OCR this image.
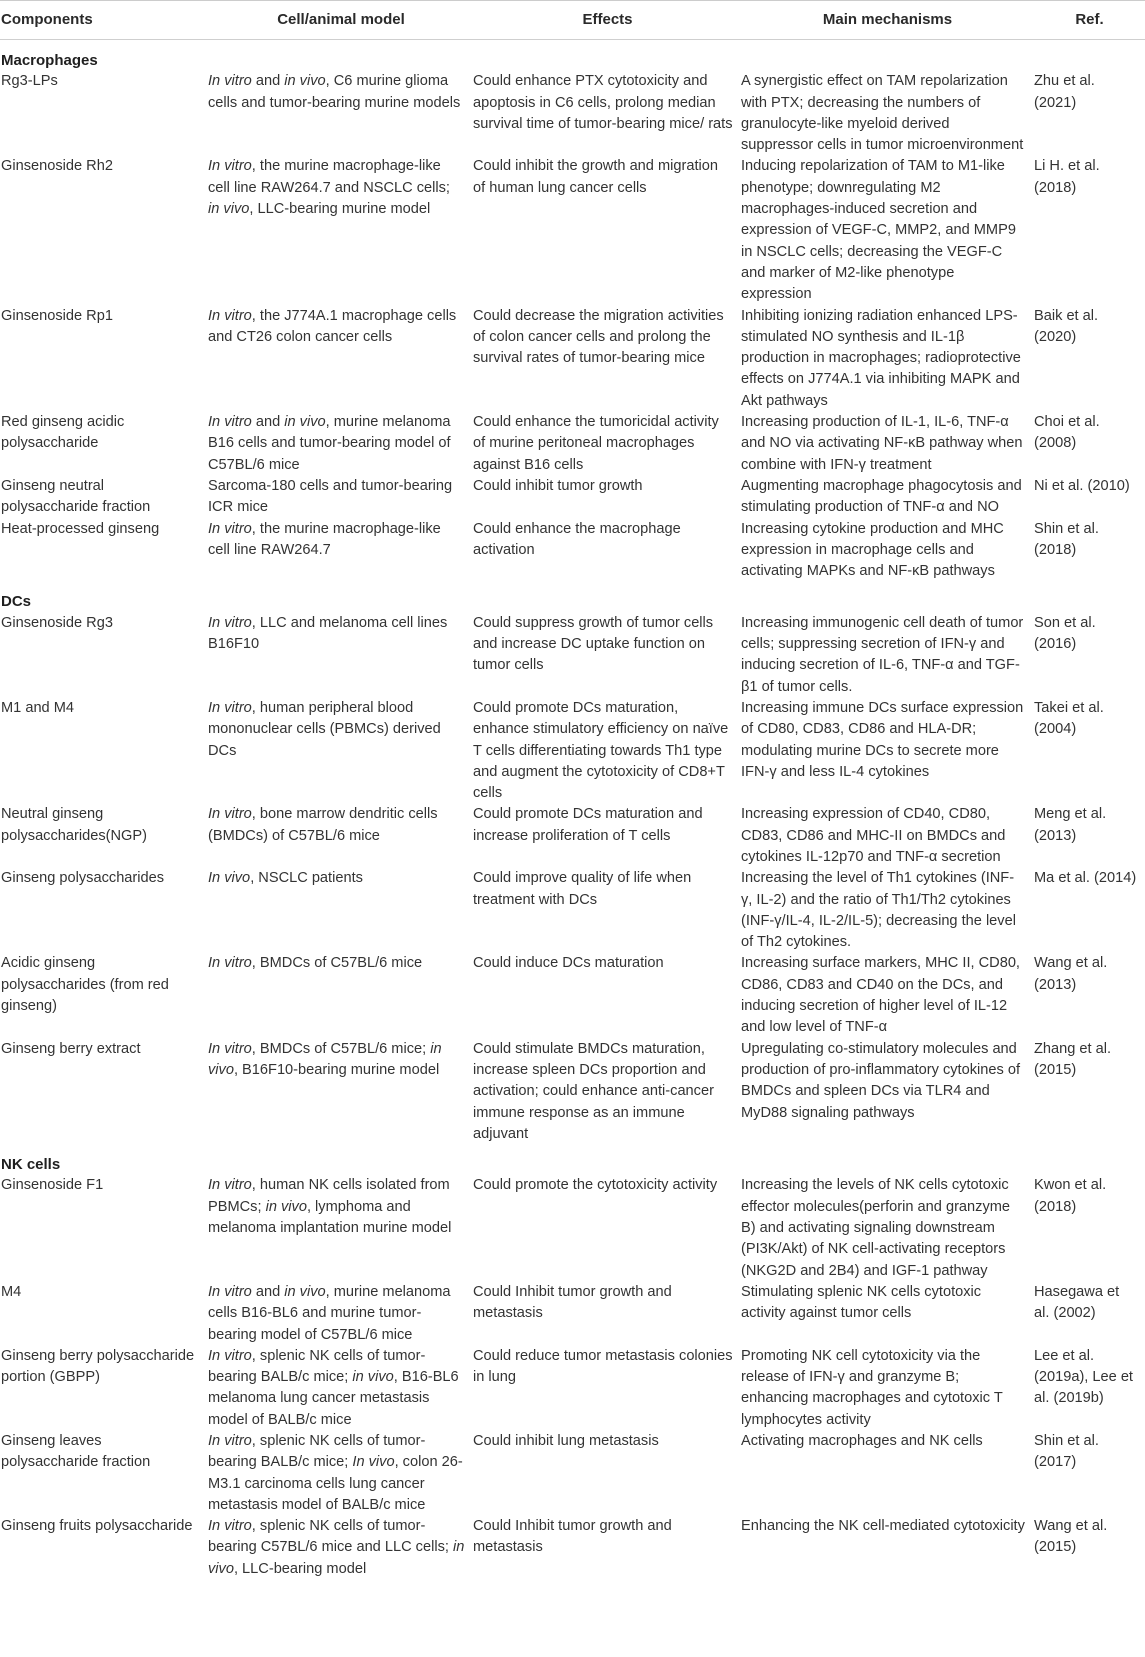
Components	Cell/animal model	Effects	Main mechanisms	Ref.
Macrophages				
Rg3-LPs	In vitro and in vivo, C6 murine glioma cells and tumor-bearing murine models	Could enhance PTX cytotoxicity and apoptosis in C6 cells, prolong median survival time of tumor-bearing mice/ rats	A synergistic effect on TAM repolarization with PTX; decreasing the numbers of granulocyte-like myeloid derived suppressor cells in tumor microenvironment	Zhu et al. (2021)
Ginsenoside Rh2	In vitro, the murine macrophage-like cell line RAW264.7 and NSCLC cells; in vivo, LLC-bearing murine model	Could inhibit the growth and migration of human lung cancer cells	Inducing repolarization of TAM to M1-like phenotype; downregulating M2 macrophages-induced secretion and expression of VEGF-C, MMP2, and MMP9 in NSCLC cells; decreasing the VEGF-C and marker of M2-like phenotype expression	Li H. et al. (2018)
Ginsenoside Rp1	In vitro, the J774A.1 macrophage cells and CT26 colon cancer cells	Could decrease the migration activities of colon cancer cells and prolong the survival rates of tumor-bearing mice	Inhibiting ionizing radiation enhanced LPS-stimulated NO synthesis and IL-1β production in macrophages; radioprotective effects on J774A.1 via inhibiting MAPK and Akt pathways	Baik et al. (2020)
Red ginseng acidic polysaccharide	In vitro and in vivo, murine melanoma B16 cells and tumor-bearing model of C57BL/6 mice	Could enhance the tumoricidal activity of murine peritoneal macrophages against B16 cells	Increasing production of IL-1, IL-6, TNF-α and NO via activating NF-κB pathway when combine with IFN-γ treatment	Choi et al. (2008)
Ginseng neutral polysaccharide fraction	Sarcoma-180 cells and tumor-bearing ICR mice	Could inhibit tumor growth	Augmenting macrophage phagocytosis and stimulating production of TNF-α and NO	Ni et al. (2010)
Heat-processed ginseng	In vitro, the murine macrophage-like cell line RAW264.7	Could enhance the macrophage activation	Increasing cytokine production and MHC expression in macrophage cells and activating MAPKs and NF-κB pathways	Shin et al. (2018)
DCs				
Ginsenoside Rg3	In vitro, LLC and melanoma cell lines B16F10	Could suppress growth of tumor cells and increase DC uptake function on tumor cells	Increasing immunogenic cell death of tumor cells; suppressing secretion of IFN-γ and inducing secretion of IL-6, TNF-α and TGF-β1 of tumor cells.	Son et al. (2016)
M1 and M4	In vitro, human peripheral blood mononuclear cells (PBMCs) derived DCs	Could promote DCs maturation, enhance stimulatory efficiency on naïve T cells differentiating towards Th1 type and augment the cytotoxicity of CD8+T cells	Increasing immune DCs surface expression of CD80, CD83, CD86 and HLA-DR; modulating murine DCs to secrete more IFN-γ and less IL-4 cytokines	Takei et al. (2004)
Neutral ginseng polysaccharides(NGP)	In vitro, bone marrow dendritic cells (BMDCs) of C57BL/6 mice	Could promote DCs maturation and increase proliferation of T cells	Increasing expression of CD40, CD80, CD83, CD86 and MHC-II on BMDCs and cytokines IL-12p70 and TNF-α secretion	Meng et al. (2013)
Ginseng polysaccharides	In vivo, NSCLC patients	Could improve quality of life when treatment with DCs	Increasing the level of Th1 cytokines (INF-γ, IL-2) and the ratio of Th1/Th2 cytokines (INF-γ/IL-4, IL-2/IL-5); decreasing the level of Th2 cytokines.	Ma et al. (2014)
Acidic ginseng polysaccharides (from red ginseng)	In vitro, BMDCs of C57BL/6 mice	Could induce DCs maturation	Increasing surface markers, MHC II, CD80, CD86, CD83 and CD40 on the DCs, and inducing secretion of higher level of IL-12 and low level of TNF-α	Wang et al. (2013)
Ginseng berry extract	In vitro, BMDCs of C57BL/6 mice; in vivo, B16F10-bearing murine model	Could stimulate BMDCs maturation, increase spleen DCs proportion and activation; could enhance anti-cancer immune response as an immune adjuvant	Upregulating co-stimulatory molecules and production of pro-inflammatory cytokines of BMDCs and spleen DCs via TLR4 and MyD88 signaling pathways	Zhang et al. (2015)
NK cells				
Ginsenoside F1	In vitro, human NK cells isolated from PBMCs; in vivo, lymphoma and melanoma implantation murine model	Could promote the cytotoxicity activity	Increasing the levels of NK cells cytotoxic effector molecules(perforin and granzyme B) and activating signaling downstream (PI3K/Akt) of NK cell-activating receptors (NKG2D and 2B4) and IGF-1 pathway	Kwon et al. (2018)
M4	In vitro and in vivo, murine melanoma cells B16-BL6 and murine tumor-bearing model of C57BL/6 mice	Could Inhibit tumor growth and metastasis	Stimulating splenic NK cells cytotoxic activity against tumor cells	Hasegawa et al. (2002)
Ginseng berry polysaccharide portion (GBPP)	In vitro, splenic NK cells of tumor-bearing BALB/c mice; in vivo, B16-BL6 melanoma lung cancer metastasis model of BALB/c mice	Could reduce tumor metastasis colonies in lung	Promoting NK cell cytotoxicity via the release of IFN-γ and granzyme B; enhancing macrophages and cytotoxic T lymphocytes activity	Lee et al. (2019a), Lee et al. (2019b)
Ginseng leaves polysaccharide fraction	In vitro, splenic NK cells of tumor-bearing BALB/c mice; In vivo, colon 26-M3.1 carcinoma cells lung cancer metastasis model of BALB/c mice	Could inhibit lung metastasis	Activating macrophages and NK cells	Shin et al. (2017)
Ginseng fruits polysaccharide	In vitro, splenic NK cells of tumor-bearing C57BL/6 mice and LLC cells; in vivo, LLC-bearing model	Could Inhibit tumor growth and metastasis	Enhancing the NK cell-mediated cytotoxicity	Wang et al. (2015)
